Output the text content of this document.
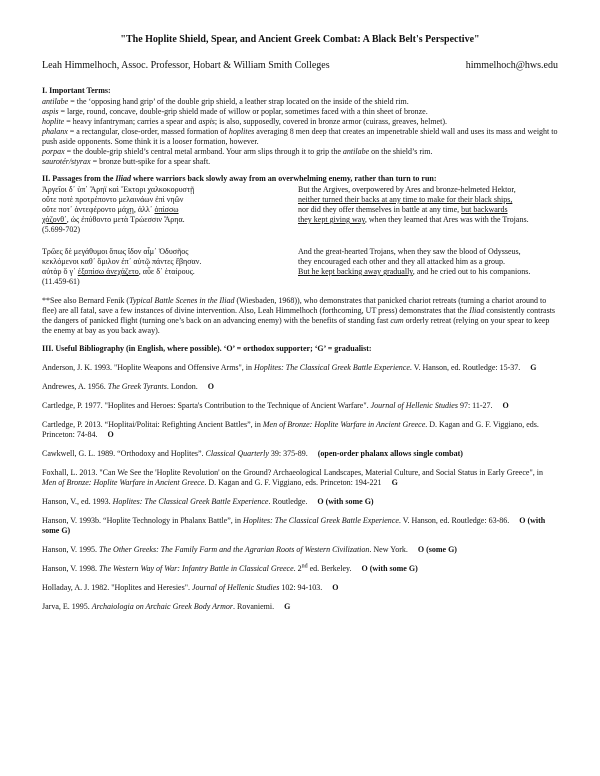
"The Hoplite Shield, Spear, and Ancient Greek Combat: A Black Belt's Perspective"
Leah Himmelhoch, Assoc. Professor, Hobart & William Smith Colleges	himmelhoch@hws.edu
I. Important Terms:
antilabe = the ‘opposing hand grip’ of the double grip shield, a leather strap located on the inside of the shield rim.
aspis = large, round, concave, double-grip shield made of willow or poplar, sometimes faced with a thin sheet of bronze.
hoplite = heavy infantryman; carries a spear and aspis; is also, supposedly, covered in bronze armor (cuirass, greaves, helmet).
phalanx = a rectangular, close-order, massed formation of hoplites averaging 8 men deep that creates an impenetrable shield wall and uses its mass and weight to push aside opponents. Some think it is a looser formation, however.
porpax = the double-grip shield’s central metal armband. Your arm slips through it to grip the antilabe on the shield’s rim.
saurotér/styrax = bronze butt-spike for a spear shaft.
II. Passages from the Iliad where warriors back slowly away from an overwhelming enemy, rather than turn to run:
Ἀργεῖοι δ᾽ ὑπ᾽ Ἄρηϊ καὶ Ἕκτορι χαλκοκορυστῇ
οὔτε ποτὲ προτρέποντο μελαινάων ἐπὶ νηῶν
οὔτε ποτ᾽ ἀντεφέροντο μάχῃ, ἀλλ᾽ ὀπίσσω
χάζονθ᾽, ὡς ἐπύθοντο μετὰ Τρώεσσιν Ἄρηα.
(5.699-702)
But the Argives, overpowered by Ares and bronze-helmeted Hektor,
neither turned their backs at any time to make for their black ships,
nor did they offer themselves in battle at any time, but backwards
they kept giving way, when they learned that Ares was with the Trojans.
Τρῶες δὲ μεγάθυμοι ὅπως ἴδον αἷμ᾽ Ὀδυσῆος
κεκλόμενοι καθ᾽ ὅμιλον ἐπ᾽ αὐτῷ πάντες ἔβησαν.
αὐτὰρ ὅ γ᾽ ἐξοπίσω ἀνεχάζετο, αὖε δ᾽ ἑταίρους.
(11.459-61)
And the great-hearted Trojans, when they saw the blood of Odysseus,
they encouraged each other and they all attacked him as a group.
But he kept backing away gradually, and he cried out to his companions.
**See also Bernard Fenik (Typical Battle Scenes in the Iliad (Wiesbaden, 1968)), who demonstrates that panicked chariot retreats (turning a chariot around to flee) are all fatal, save a few instances of divine intervention. Also, Leah Himmelhoch (forthcoming, UT press) demonstrates that the Iliad consistently contrasts the dangers of panicked flight (turning one’s back on an advancing enemy) with the benefits of standing fast cum orderly retreat (relying on your spear to keep the enemy at bay as you back away).
III. Useful Bibliography (in English, where possible). ‘O’ = orthodox supporter; ‘G’ = gradualist:
Anderson, J. K. 1993. "Hoplite Weapons and Offensive Arms", in Hoplites: The Classical Greek Battle Experience. V. Hanson, ed. Routledge: 15-37. G
Andrewes, A. 1956. The Greek Tyrants. London. O
Cartledge, P. 1977. "Hoplites and Heroes: Sparta's Contribution to the Technique of Ancient Warfare". Journal of Hellenic Studies 97: 11-27. O
Cartledge, P. 2013. “Hoplitai/Politai: Refighting Ancient Battles”, in Men of Bronze: Hoplite Warfare in Ancient Greece. D. Kagan and G. F. Viggiano, eds. Princeton: 74-84. O
Cawkwell, G. L. 1989. “Orthodoxy and Hoplites”. Classical Quarterly 39: 375-89. (open-order phalanx allows single combat)
Foxhall, L. 2013. "Can We See the 'Hoplite Revolution' on the Ground? Archaeological Landscapes, Material Culture, and Social Status in Early Greece", in Men of Bronze: Hoplite Warfare in Ancient Greece. D. Kagan and G. F. Viggiano, eds. Princeton: 194-221 G
Hanson, V., ed. 1993. Hoplites: The Classical Greek Battle Experience. Routledge. O (with some G)
Hanson, V. 1993b. “Hoplite Technology in Phalanx Battle”, in Hoplites: The Classical Greek Battle Experience. V. Hanson, ed. Routledge: 63-86. O (with some G)
Hanson, V. 1995. The Other Greeks: The Family Farm and the Agrarian Roots of Western Civilization. New York. O (some G)
Hanson, V. 1998. The Western Way of War: Infantry Battle in Classical Greece. 2nd ed. Berkeley. O (with some G)
Holladay, A. J. 1982. "Hoplites and Heresies". Journal of Hellenic Studies 102: 94-103. O
Jarva, E. 1995. Archaiologia on Archaic Greek Body Armor. Rovaniemi. G
